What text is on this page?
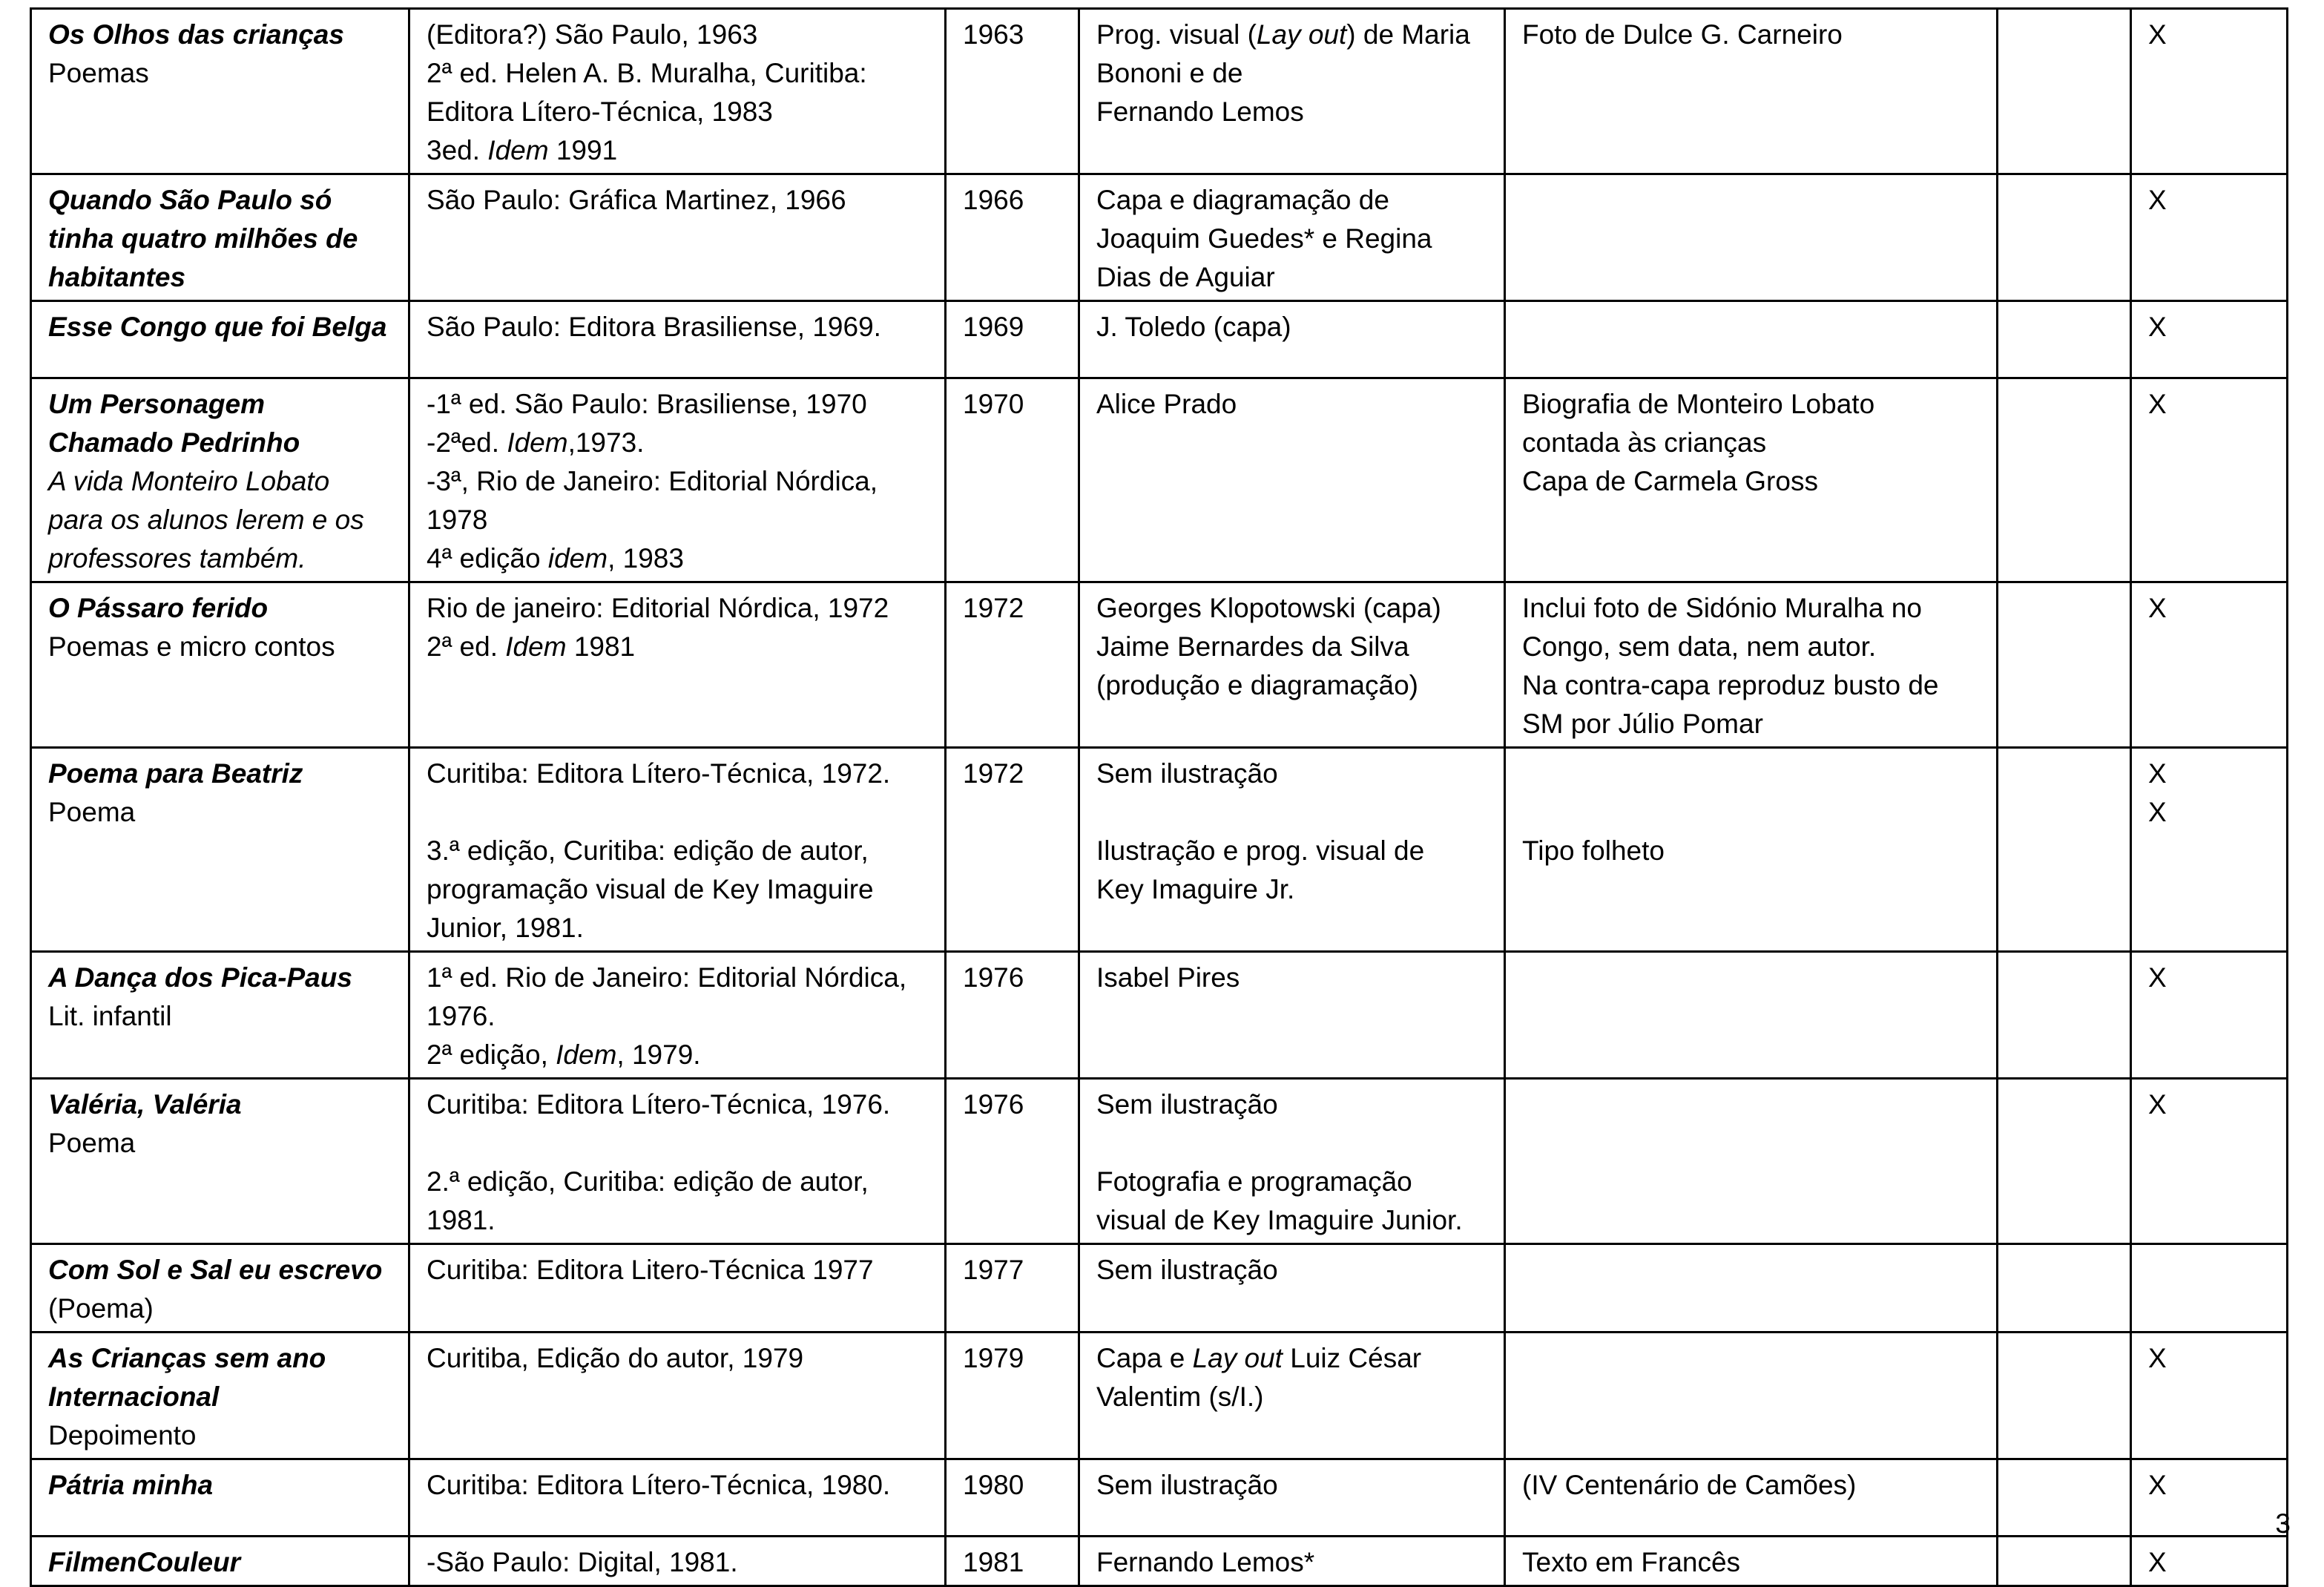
Os Olhos das crianças
Poemas	(Editora?) São Paulo, 1963
2ª ed. Helen A. B. Muralha, Curitiba:
Editora Lítero-Técnica, 1983
3ed. Idem 1991	1963	Prog. visual (Lay out) de Maria
Bononi e de
Fernando Lemos	Foto de Dulce G. Carneiro		X

Quando São Paulo só tinha quatro milhões de habitantes	São Paulo: Gráfica Martinez, 1966	1966	Capa e diagramação de
Joaquim Guedes* e Regina
Dias de Aguiar			X

Esse Congo que foi Belga	São Paulo: Editora Brasiliense, 1969.	1969	J. Toledo (capa)			X

Um Personagem Chamado Pedrinho
A vida Monteiro Lobato para os alunos lerem e os professores também.	-1ª ed. São Paulo: Brasiliense, 1970
-2ªed. Idem,1973.
-3ª, Rio de Janeiro: Editorial Nórdica, 1978
4ª edição idem, 1983	1970	Alice Prado	Biografia de Monteiro Lobato
contada às crianças
Capa de Carmela Gross		X

O Pássaro ferido
Poemas e micro contos	Rio de janeiro: Editorial Nórdica, 1972
2ª ed. Idem 1981	1972	Georges Klopotowski (capa)
Jaime Bernardes da Silva
(produção e diagramação)	Inclui foto de Sidónio Muralha no
Congo, sem data, nem autor.
Na contra-capa reproduz busto de
SM por Júlio Pomar		X

Poema para Beatriz
Poema	Curitiba: Editora Lítero-Técnica, 1972.
3.ª edição, Curitiba: edição de autor,
programação visual de Key Imaguire
Junior, 1981.	1972	Sem ilustração
Ilustração e prog. visual de
Key Imaguire Jr.	Tipo folheto		X
X

A Dança dos Pica-Paus
Lit. infantil	1ª ed. Rio de Janeiro: Editorial Nórdica,
1976.
2ª edição, Idem, 1979.	1976	Isabel Pires			X

Valéria, Valéria
Poema	Curitiba: Editora Lítero-Técnica, 1976.
2.ª edição, Curitiba: edição de autor,
1981.	1976	Sem ilustração
Fotografia e programação
visual de Key Imaguire Junior.			X

Com Sol e Sal eu escrevo
(Poema)	Curitiba: Editora Litero-Técnica 1977	1977	Sem ilustração			

As Crianças sem ano Internacional
Depoimento	Curitiba, Edição do autor, 1979	1979	Capa e Lay out Luiz César
Valentim (s/I.)			X

Pátria minha	Curitiba: Editora Lítero-Técnica, 1980.	1980	Sem ilustração	(IV Centenário de Camões)		X

FilmenCouleur	-São Paulo: Digital, 1981.	1981	Fernando Lemos*	Texto em Francês		X
3
